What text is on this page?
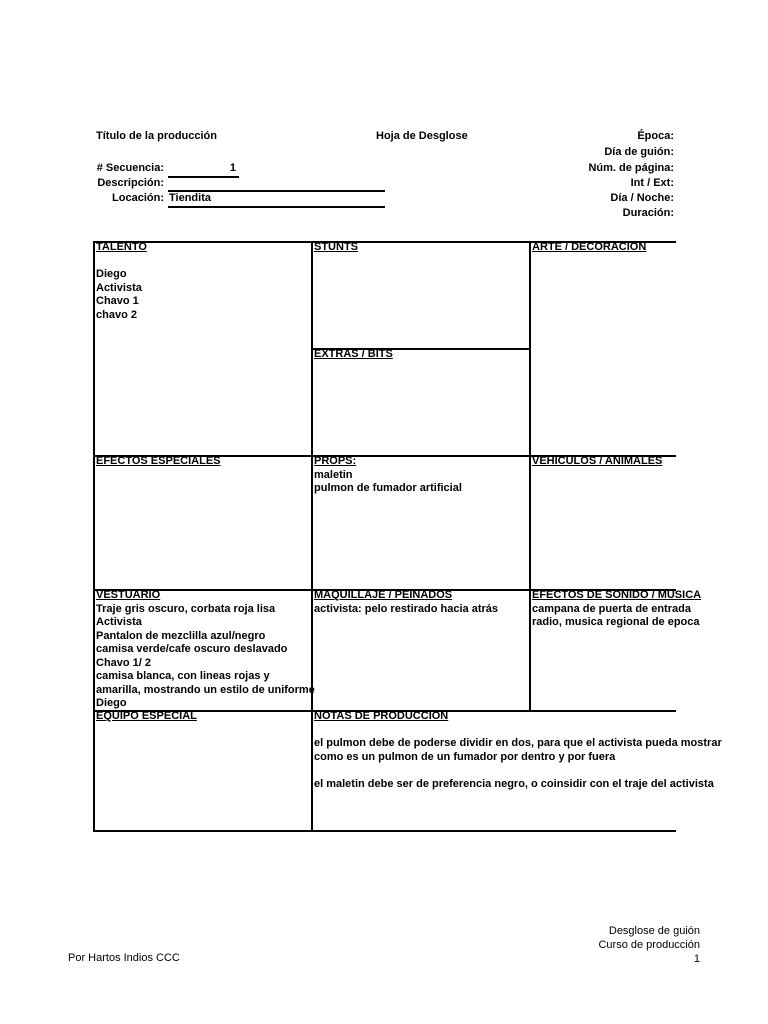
Título de la producción	Hoja de Desglose
# Secuencia:	1
Descripción:
Locación: Tiendita
Época:
Día de guión:
Núm. de página:
Int / Ext:
Día / Noche:
Duración:
TALENTO

Diego
Activista
Chavo 1
chavo 2
STUNTS	ARTE / DECORACION
EXTRAS / BITS
EFECTOS ESPECIALES	PROPS:
maletin
pulmon de fumador artificial
VEHICULOS / ANIMALES
VESTUARIO
Traje gris oscuro, corbata roja lisa
Activista
Pantalon de mezclilla azul/negro
camisa verde/cafe oscuro deslavado
Chavo 1/ 2
camisa blanca, con lineas rojas y
amarilla, mostrando un estilo de uniforme
Diego
MAQUILLAJE / PEINADOS
activista: pelo restirado hacia atrás
EFECTOS DE SONIDO / MUSICA
campana de puerta de entrada
radio, musica regional de epoca
EQUIPO ESPECIAL	NOTAS DE PRODUCCION

el pulmon debe de poderse dividir en dos, para que el activista pueda mostrar
como es un pulmon de un fumador por dentro y por fuera

el maletin debe ser de preferencia negro, o coinsidir con el traje del activista
Desglose de guión
Curso de producción
1
Por Hartos Indios CCC
